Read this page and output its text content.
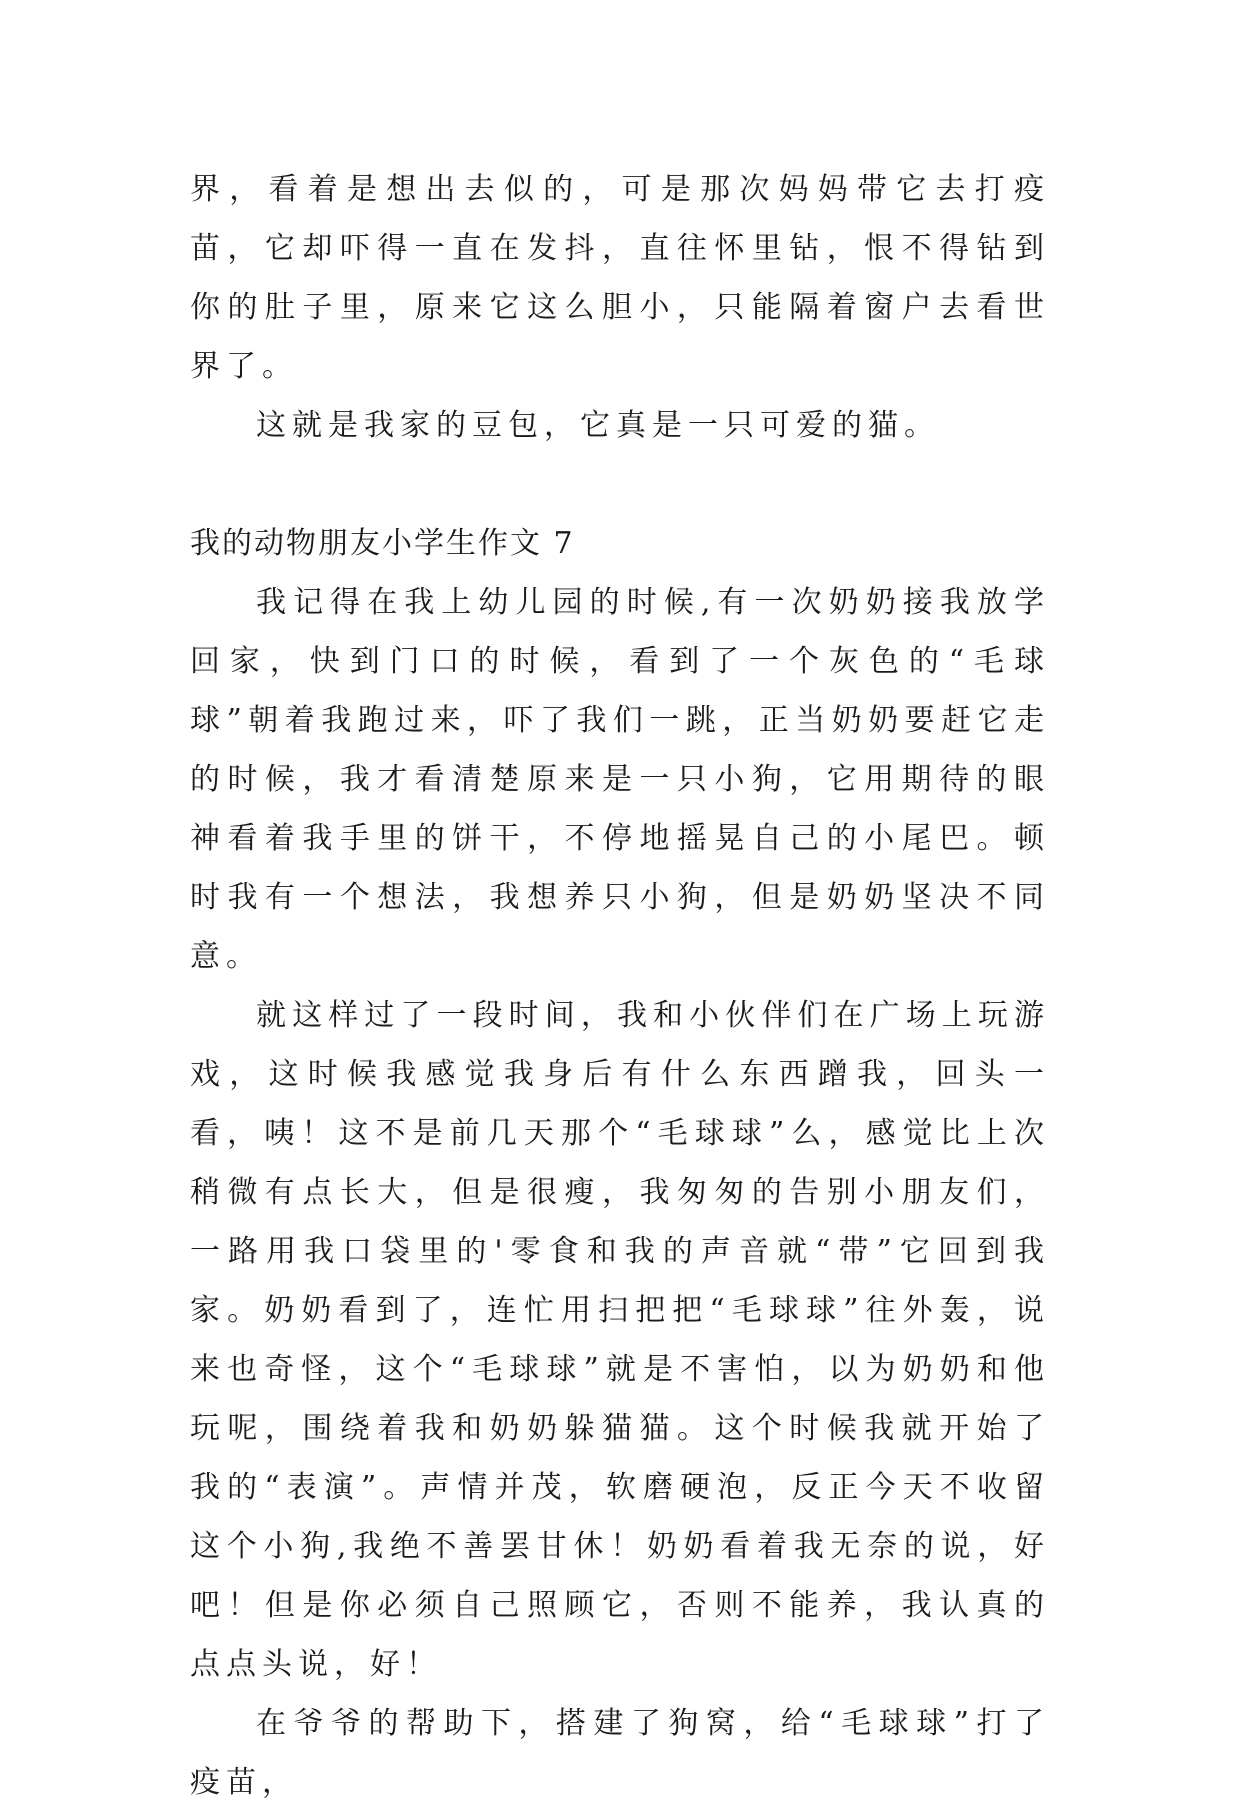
界，看着是想出去似的，可是那次妈妈带它去打疫苗，它却吓得一直在发抖，直往怀里钻，恨不得钻到你的肚子里，原来它这么胆小，只能隔着窗户去看世界了。

这就是我家的豆包，它真是一只可爱的猫。

我的动物朋友小学生作文 7

我记得在我上幼儿园的时候,有一次奶奶接我放学回家，快到门口的时候，看到了一个灰色的“毛球球”朝着我跑过来，吓了我们一跳，正当奶奶要赶它走的时候，我才看清楚原来是一只小狗，它用期待的眼神看着我手里的饼干，不停地摇晃自己的小尾巴。顿时我有一个想法，我想养只小狗，但是奶奶坚决不同意。

就这样过了一段时间，我和小伙伴们在广场上玩游戏，这时候我感觉我身后有什么东西蹭我，回头一看，咦！这不是前几天那个“毛球球”么，感觉比上次稍微有点长大，但是很瘦，我匆匆的告别小朋友们，一路用我口袋里的'零食和我的声音就“带”它回到我家。奶奶看到了，连忙用扫把把“毛球球”往外轰，说来也奇怪，这个“毛球球”就是不害怕，以为奶奶和他玩呢，围绕着我和奶奶躲猫猫。这个时候我就开始了我的“表演”。声情并茂，软磨硬泡，反正今天不收留这个小狗,我绝不善罢甘休！奶奶看着我无奈的说，好吧！但是你必须自己照顾它，否则不能养，我认真的点点头说，好！

在爷爷的帮助下，搭建了狗窝，给“毛球球”打了疫苗，
